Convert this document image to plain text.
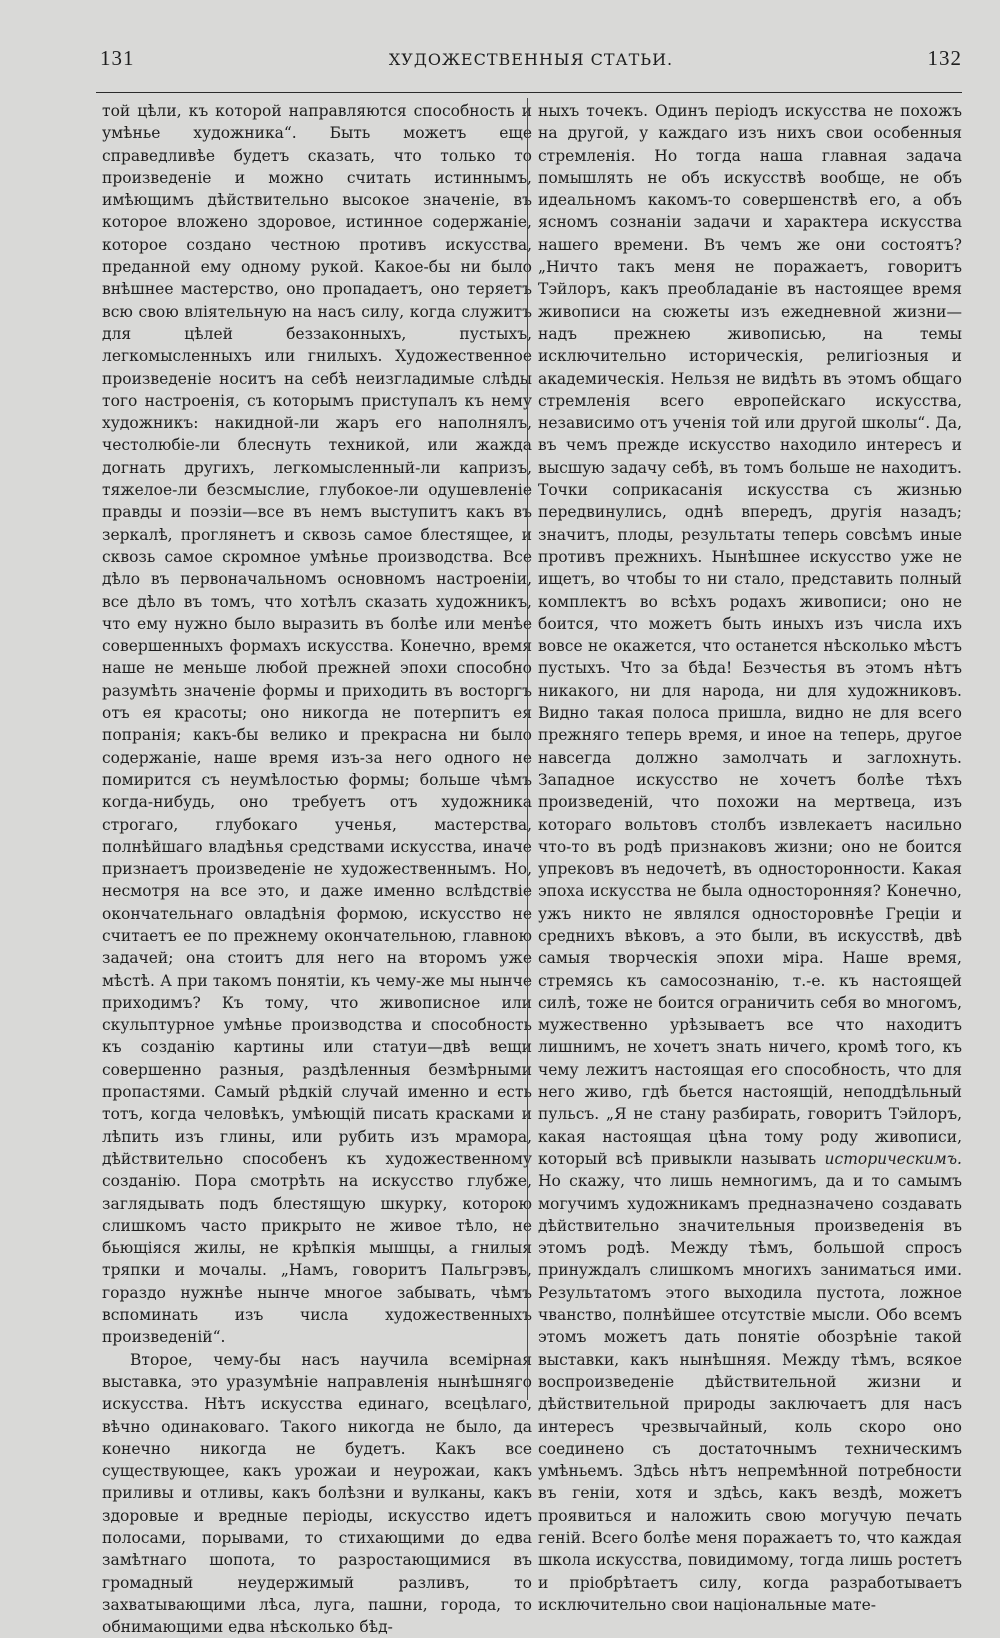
131	ХУДОЖЕСТВЕННЫЯ СТАТЬИ.	132

той цѣли, къ которой направляются способность и умѣнье художника“. Быть можетъ еще справедливѣе будетъ сказать, что только то произведеніе и можно считать истиннымъ, имѣющимъ дѣйствительно высокое значеніе, въ которое вложено здоровое, истинное содержаніе, которое создано честною противъ искусства, преданной ему одному рукой. Какое-бы ни было внѣшнее мастерство, оно пропадаетъ, оно теряетъ всю свою вліятельную на насъ силу, когда служитъ для цѣлей беззаконныхъ, пустыхъ, легкомысленныхъ или гнилыхъ. Художественное произведеніе носитъ на себѣ неизгладимые слѣды того настроенія, съ которымъ приступалъ къ нему художникъ: накидной-ли жаръ его наполнялъ, честолюбіе-ли блеснуть техникой, или жажда догнать другихъ, легкомысленный-ли капризъ, тяжелое-ли безсмыслие, глубокое-ли одушевленіе правды и поэзіи—все въ немъ выступитъ какъ въ зеркалѣ, проглянетъ и сквозь самое блестящее, и сквозь самое скромное умѣнье производства. Все дѣло въ первоначальномъ основномъ настроеніи, все дѣло въ томъ, что хотѣлъ сказать художникъ, что ему нужно было выразить въ болѣе или менѣе совершенныхъ формахъ искусства. Конечно, время наше не меньше любой прежней эпохи способно разумѣть значеніе формы и приходить въ восторгъ отъ ея красоты; оно никогда не потерпитъ ея попранія; какъ-бы велико и прекрасна ни было содержаніе, наше время изъ-за него одного не помирится съ неумѣлостью формы; больше чѣмъ когда-нибудь, оно требуетъ отъ художника строгаго, глубокаго ученья, мастерства, полнѣйшаго владѣнья средствами искусства, иначе признаетъ произведеніе не художественнымъ. Но, несмотря на все это, и даже именно вслѣдствіе окончательнаго овладѣнія формою, искусство не считаетъ ее по прежнему окончательною, главною задачей; она стоитъ для него на второмъ уже мѣстѣ. А при такомъ понятіи, къ чему-же мы нынче приходимъ? Къ тому, что живописное или скульптурное умѣнье производства и способность къ созданію картины или статуи—двѣ вещи совершенно разныя, раздѣленныя безмѣрными пропастями. Самый рѣдкій случай именно и есть тотъ, когда человѣкъ, умѣющій писать красками и лѣпить изъ глины, или рубить изъ мрамора, дѣйствительно способенъ къ художественному созданію. Пора смотрѣть на искусство глубже, заглядывать подъ блестящую шкурку, которою слишкомъ часто прикрыто не живое тѣло, не бьющіяся жилы, не крѣпкія мышцы, а гнилыя тряпки и мочалы. „Намъ, говоритъ Пальгрэвъ, гораздо нужнѣе нынче многое забывать, чѣмъ вспоминать изъ числа художественныхъ произведеній“.

Второе, чему-бы насъ научила всемірная выставка, это уразумѣніе направленія нынѣшняго искусства. Нѣтъ искусства единаго, всецѣлаго, вѣчно одинаковаго. Такого никогда не было, да конечно никогда не будетъ. Какъ все существующее, какъ урожаи и неурожаи, какъ приливы и отливы, какъ болѣзни и вулканы, какъ здоровые и вредные періоды, искусство идетъ полосами, порывами, то стихающими до едва замѣтнаго шопота, то разростающимися въ громадный неудержимый разливъ, то захватывающими лѣса, луга, пашни, города, то обнимающими едва нѣсколько бѣд-

ныхъ точекъ. Одинъ періодъ искусства не похожъ на другой, у каждаго изъ нихъ свои особенныя стремленія. Но тогда наша главная задача помышлять не объ искусствѣ вообще, не объ идеальномъ какомъ-то совершенствѣ его, а объ ясномъ сознаніи задачи и характера искусства нашего времени. Въ чемъ же они состоятъ? „Ничто такъ меня не поражаетъ, говоритъ Тэйлоръ, какъ преобладаніе въ настоящее время живописи на сюжеты изъ ежедневной жизни—надъ прежнею живописью, на темы исключительно историческія, религіозныя и академическія. Нельзя не видѣть въ этомъ общаго стремленія всего европейскаго искусства, независимо отъ ученія той или другой школы“. Да, въ чемъ прежде искусство находило интересъ и высшую задачу себѣ, въ томъ больше не находитъ. Точки соприкасанія искусства съ жизнью передвинулись, однѣ впередъ, другія назадъ; значитъ, плоды, результаты теперь совсѣмъ иные противъ прежнихъ. Нынѣшнее искусство уже не ищетъ, во чтобы то ни стало, представить полный комплектъ во всѣхъ родахъ живописи; оно не боится, что можетъ быть иныхъ изъ числа ихъ вовсе не окажется, что останется нѣсколько мѣстъ пустыхъ. Что за бѣда! Безчестья въ этомъ нѣтъ никакого, ни для народа, ни для художниковъ. Видно такая полоса пришла, видно не для всего прежняго теперь время, и иное на теперь, другое навсегда должно замолчать и заглохнуть. Западное искусство не хочетъ болѣе тѣхъ произведеній, что похожи на мертвеца, изъ котораго вольтовъ столбъ извлекаетъ насильно что-то въ родѣ признаковъ жизни; оно не боится упрековъ въ недочетѣ, въ односторонности. Какая эпоха искусства не была односторонняя? Конечно, ужъ никто не являлся односторовнѣе Греціи и среднихъ вѣковъ, а это были, въ искусствѣ, двѣ самыя творческія эпохи міра. Наше время, стремясь къ самосознанію, т.-е. къ настоящей силѣ, тоже не боится ограничить себя во многомъ, мужественно урѣзываетъ все что находитъ лишнимъ, не хочетъ знать ничего, кромѣ того, къ чему лежитъ настоящая его способность, что для него живо, гдѣ бьется настоящій, неподдѣльный пульсъ. „Я не стану разбирать, говоритъ Тэйлоръ, какая настоящая цѣна тому роду живописи, который всѣ привыкли называть историческимъ. Но скажу, что лишь немногимъ, да и то самымъ могучимъ художникамъ предназначено создавать дѣйствительно значительныя произведенія въ этомъ родѣ. Между тѣмъ, большой спросъ принуждалъ слишкомъ многихъ заниматься ими. Результатомъ этого выходила пустота, ложное чванство, полнѣйшее отсутствіе мысли. Обо всемъ этомъ можетъ дать понятіе обозрѣніе такой выставки, какъ нынѣшняя. Между тѣмъ, всякое воспроизведеніе дѣйствительной жизни и дѣйствительной природы заключаетъ для насъ интересъ чрезвычайный, коль скоро оно соединено съ достаточнымъ техническимъ умѣньемъ. Здѣсь нѣтъ непремѣнной потребности въ геніи, хотя и здѣсь, какъ вездѣ, можетъ проявиться и наложить свою могучую печать геній. Всего болѣе меня поражаетъ то, что каждая школа искусства, повидимому, тогда лишь ростетъ и пріобрѣтаетъ силу, когда разработываетъ исключительно свои національные мате-
